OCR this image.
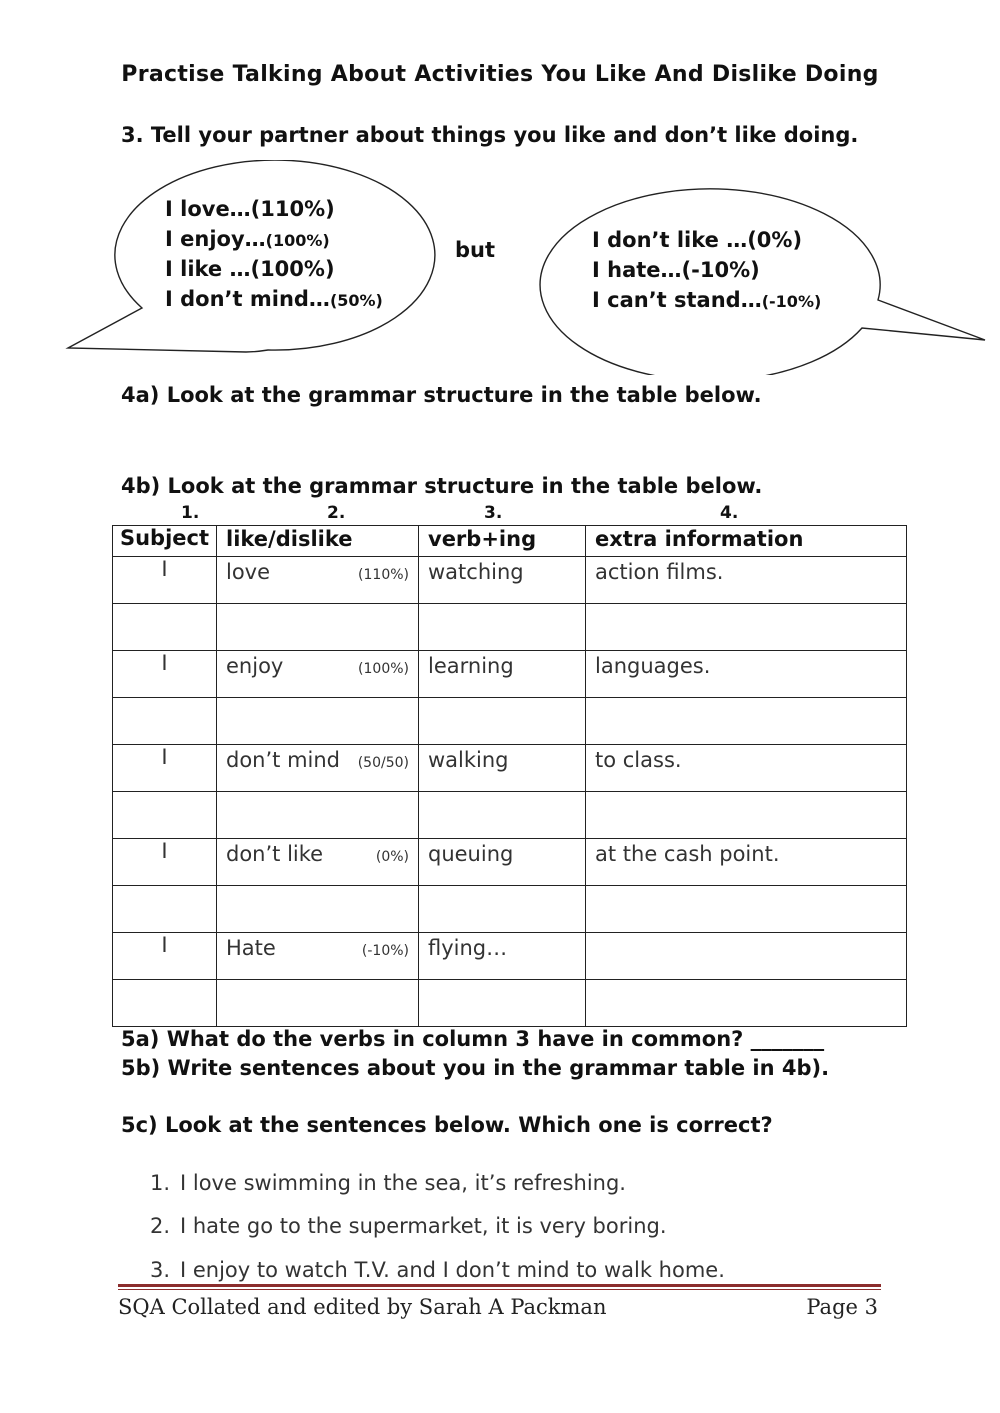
Practise Talking About Activities You Like And Dislike Doing
3. Tell your partner about things you like and don’t like doing.
I love…(110%)
I enjoy…(100%)
I like …(100%)
I don’t mind…(50%)
but	I don’t like …(0%)
I hate…(-10%)
I can’t stand…(-10%)
4a) Look at the grammar structure in the table below.
4b) Look at the grammar structure in the table below.
1.	2.	3.	4.
Subject	like/dislike	verb+ing	extra information
I	love (110%)	watching	action films.

I	enjoy (100%)	learning	languages.

I	don’t mind (50/50)	walking	to class.

I	don’t like (0%)	queuing	at the cash point.

I	Hate (-10%)	flying…	

5a) What do the verbs in column 3 have in common? _______
5b) Write sentences about you in the grammar table in 4b).
5c) Look at the sentences below. Which one is correct?
1. I love swimming in the sea, it’s refreshing.
2. I hate go to the supermarket, it is very boring.
3. I enjoy to watch T.V. and I don’t mind to walk home.
SQA Collated and edited by Sarah A Packman	Page 3
